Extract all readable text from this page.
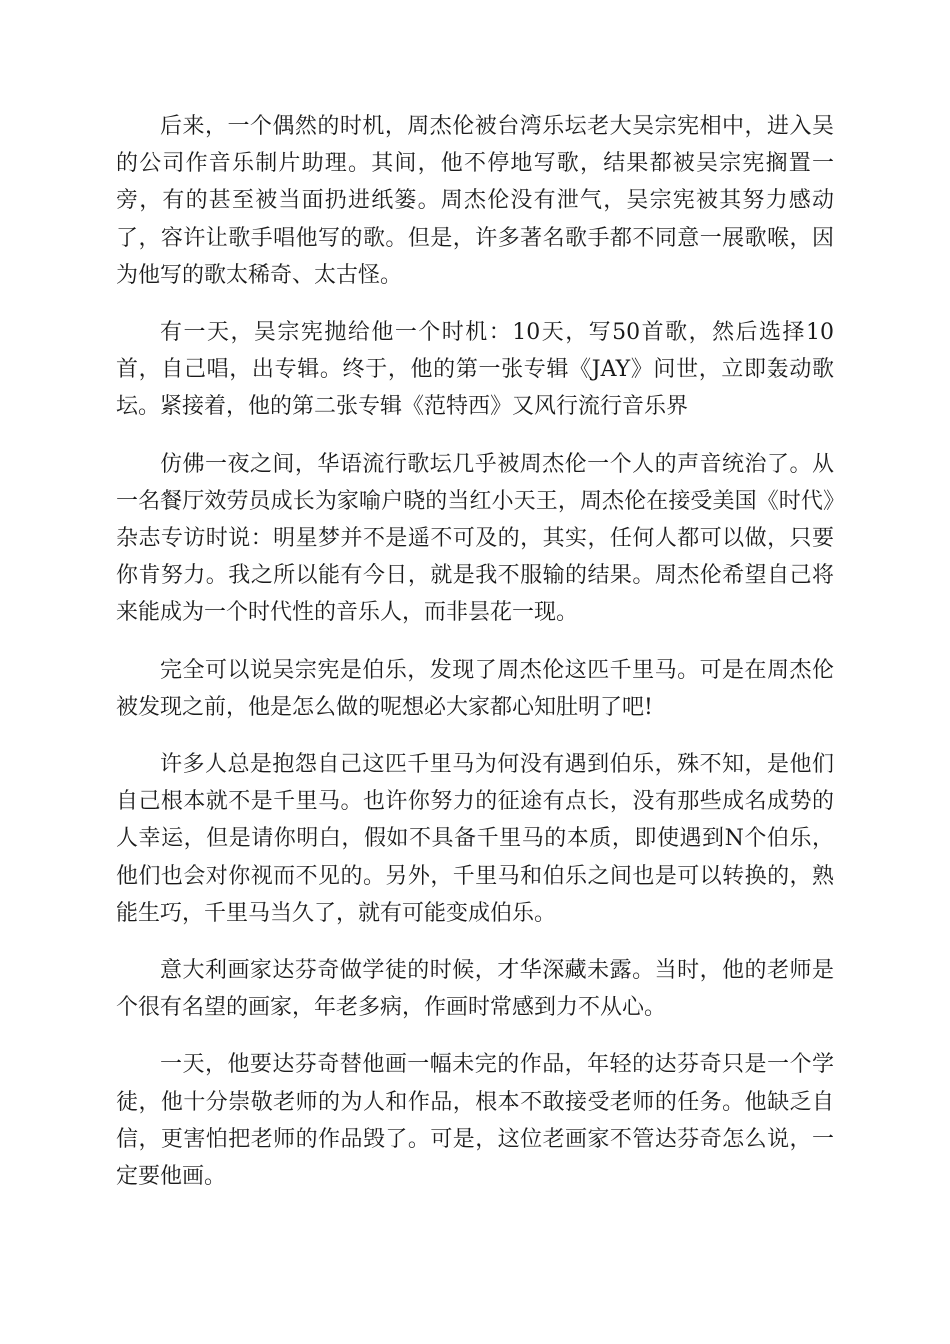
后来，一个偶然的时机，周杰伦被台湾乐坛老大吴宗宪相中，进入吴的公司作音乐制片助理。其间，他不停地写歌，结果都被吴宗宪搁置一旁，有的甚至被当面扔进纸篓。周杰伦没有泄气，吴宗宪被其努力感动了，容许让歌手唱他写的歌。但是，许多著名歌手都不同意一展歌喉，因为他写的歌太稀奇、太古怪。

有一天，吴宗宪抛给他一个时机：10天，写50首歌，然后选择10首，自己唱，出专辑。终于，他的第一张专辑《JAY》问世，立即轰动歌坛。紧接着，他的第二张专辑《范特西》又风行流行音乐界

仿佛一夜之间，华语流行歌坛几乎被周杰伦一个人的声音统治了。从一名餐厅效劳员成长为家喻户晓的当红小天王，周杰伦在接受美国《时代》杂志专访时说：明星梦并不是遥不可及的，其实，任何人都可以做，只要你肯努力。我之所以能有今日，就是我不服输的结果。周杰伦希望自己将来能成为一个时代性的音乐人，而非昙花一现。

完全可以说吴宗宪是伯乐，发现了周杰伦这匹千里马。可是在周杰伦被发现之前，他是怎么做的呢想必大家都心知肚明了吧!

许多人总是抱怨自己这匹千里马为何没有遇到伯乐，殊不知，是他们自己根本就不是千里马。也许你努力的征途有点长，没有那些成名成势的人幸运，但是请你明白，假如不具备千里马的本质，即使遇到N个伯乐，他们也会对你视而不见的。另外，千里马和伯乐之间也是可以转换的，熟能生巧，千里马当久了，就有可能变成伯乐。

意大利画家达芬奇做学徒的时候，才华深藏未露。当时，他的老师是个很有名望的画家，年老多病，作画时常感到力不从心。

一天，他要达芬奇替他画一幅未完的作品，年轻的达芬奇只是一个学徒，他十分崇敬老师的为人和作品，根本不敢接受老师的任务。他缺乏自信，更害怕把老师的作品毁了。可是，这位老画家不管达芬奇怎么说，一定要他画。
